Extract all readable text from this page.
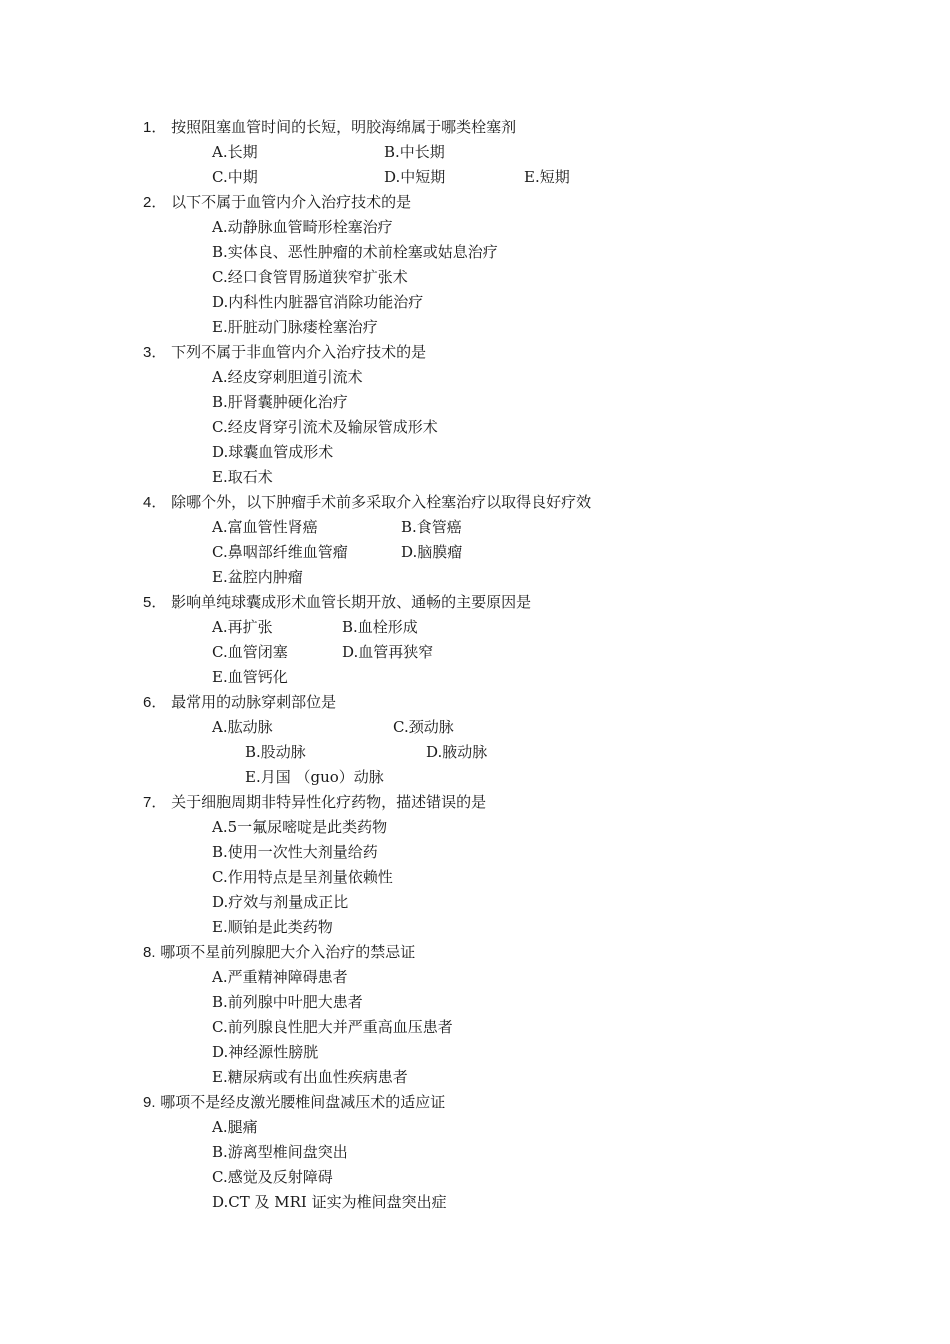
1． 按照阻塞血管时间的长短，明胶海绵属于哪类栓塞剂
A.长期	B.中长期
C.中期	D.中短期	E.短期
2． 以下不属于血管内介入治疗技术的是
A.动静脉血管畸形栓塞治疗
B.实体良、恶性肿瘤的术前栓塞或姑息治疗
C.经口食管胃肠道狭窄扩张术
D.内科性内脏器官消除功能治疗
E.肝脏动门脉瘘栓塞治疗
3． 下列不属于非血管内介入治疗技术的是
A.经皮穿刺胆道引流术
B.肝肾囊肿硬化治疗
C.经皮肾穿引流术及输尿管成形术
D.球囊血管成形术
E.取石术
4． 除哪个外，以下肿瘤手术前多采取介入栓塞治疗以取得良好疗效
A.富血管性肾癌	B.食管癌
C.鼻咽部纤维血管瘤	D.脑膜瘤
E.盆腔内肿瘤
5． 影响单纯球囊成形术血管长期开放、通畅的主要原因是
A.再扩张	B.血栓形成
C.血管闭塞	D.血管再狭窄
E.血管钙化
6． 最常用的动脉穿刺部位是
A.肱动脉	C.颈动脉
B.股动脉	D.腋动脉
E.月国 （guo）动脉
7． 关于细胞周期非特异性化疗药物，描述错误的是
A.5一氟尿嘧啶是此类药物
B.使用一次性大剂量给药
C.作用特点是呈剂量依赖性
D.疗效与剂量成正比
E.顺铂是此类药物
8. 哪项不星前列腺肥大介入治疗的禁忌证
A.严重精神障碍患者
B.前列腺中叶肥大患者
C.前列腺良性肥大并严重高血压患者
D.神经源性膀胱
E.糖尿病或有出血性疾病患者
9. 哪项不是经皮激光腰椎间盘减压术的适应证
A.腿痛
B.游离型椎间盘突出
C.感觉及反射障碍
D.CT 及 MRI 证实为椎间盘突出症
